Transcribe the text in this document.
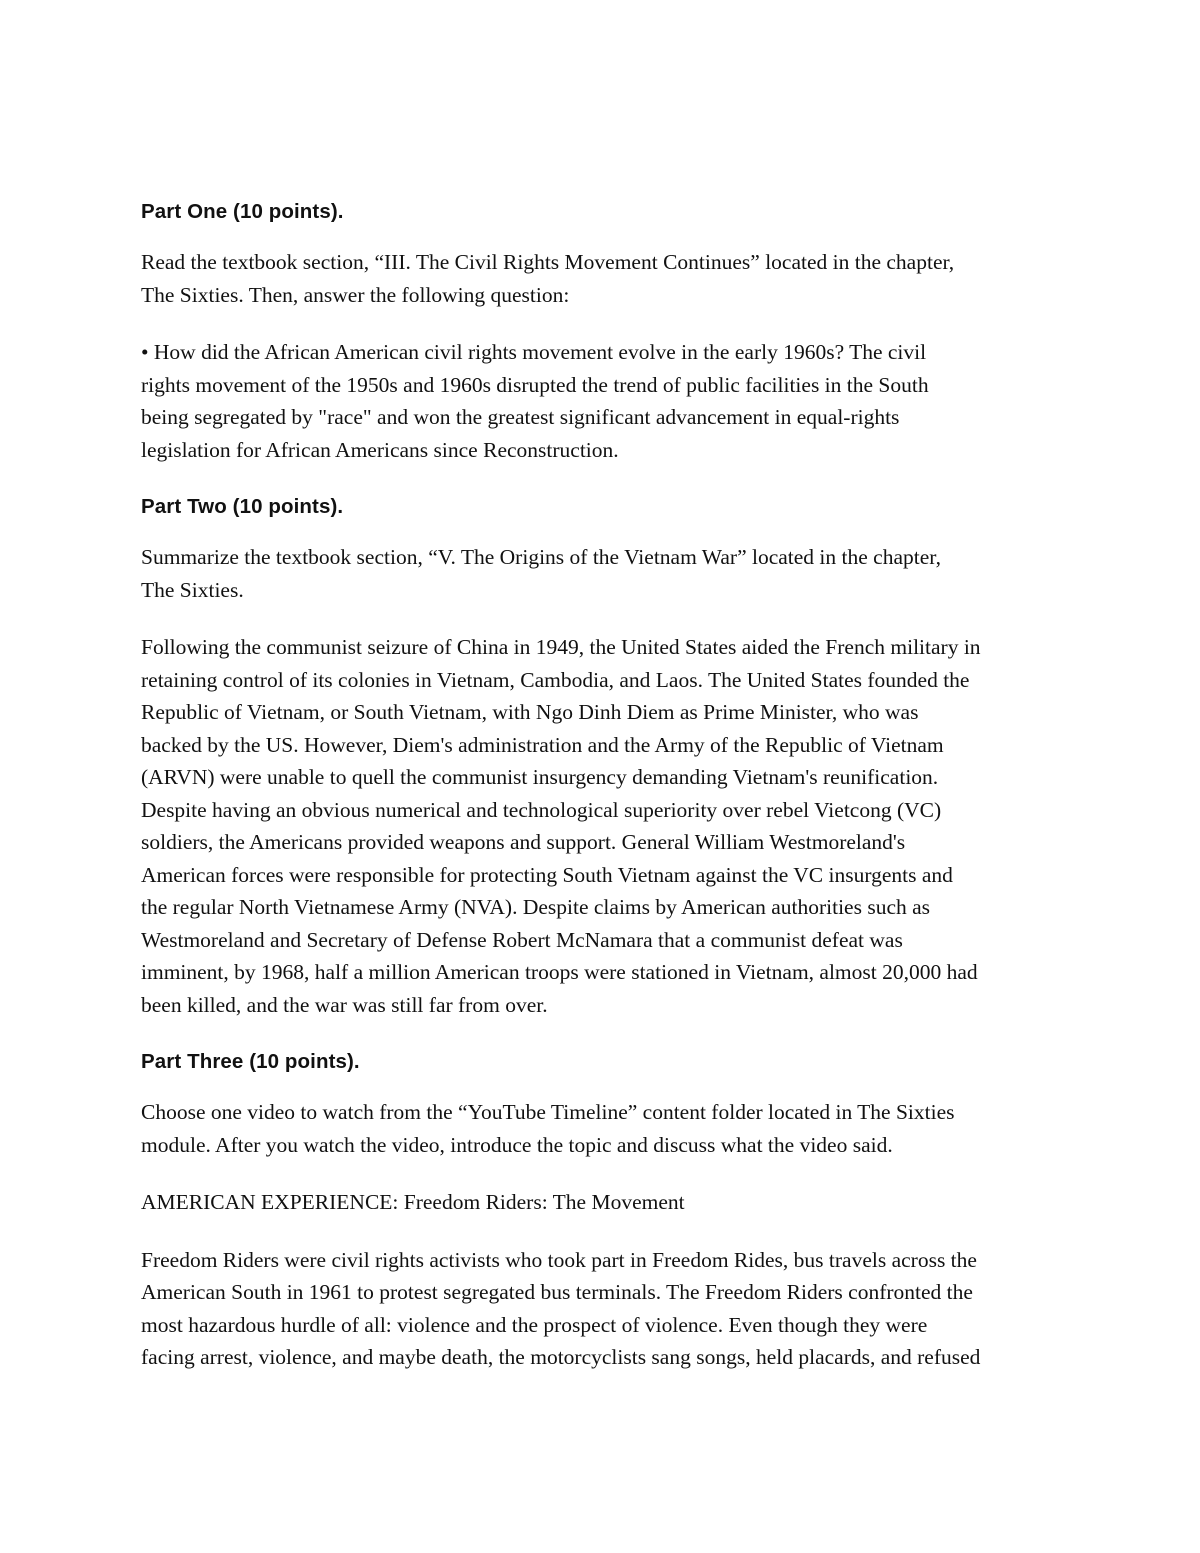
Part One (10 points).
Read the textbook section, “III. The Civil Rights Movement Continues” located in the chapter,
The Sixties. Then, answer the following question:
• How did the African American civil rights movement evolve in the early 1960s? The civil
rights movement of the 1950s and 1960s disrupted the trend of public facilities in the South
being segregated by "race" and won the greatest significant advancement in equal-rights
legislation for African Americans since Reconstruction.
Part Two (10 points).
Summarize the textbook section, “V. The Origins of the Vietnam War” located in the chapter,
The Sixties.
Following the communist seizure of China in 1949, the United States aided the French military in
retaining control of its colonies in Vietnam, Cambodia, and Laos. The United States founded the
Republic of Vietnam, or South Vietnam, with Ngo Dinh Diem as Prime Minister, who was
backed by the US. However, Diem's administration and the Army of the Republic of Vietnam
(ARVN) were unable to quell the communist insurgency demanding Vietnam's reunification.
Despite having an obvious numerical and technological superiority over rebel Vietcong (VC)
soldiers, the Americans provided weapons and support. General William Westmoreland's
American forces were responsible for protecting South Vietnam against the VC insurgents and
the regular North Vietnamese Army (NVA). Despite claims by American authorities such as
Westmoreland and Secretary of Defense Robert McNamara that a communist defeat was
imminent, by 1968, half a million American troops were stationed in Vietnam, almost 20,000 had
been killed, and the war was still far from over.
Part Three (10 points).
Choose one video to watch from the “YouTube Timeline” content folder located in The Sixties
module. After you watch the video, introduce the topic and discuss what the video said.
AMERICAN EXPERIENCE: Freedom Riders: The Movement
Freedom Riders were civil rights activists who took part in Freedom Rides, bus travels across the
American South in 1961 to protest segregated bus terminals. The Freedom Riders confronted the
most hazardous hurdle of all: violence and the prospect of violence. Even though they were
facing arrest, violence, and maybe death, the motorcyclists sang songs, held placards, and refused
